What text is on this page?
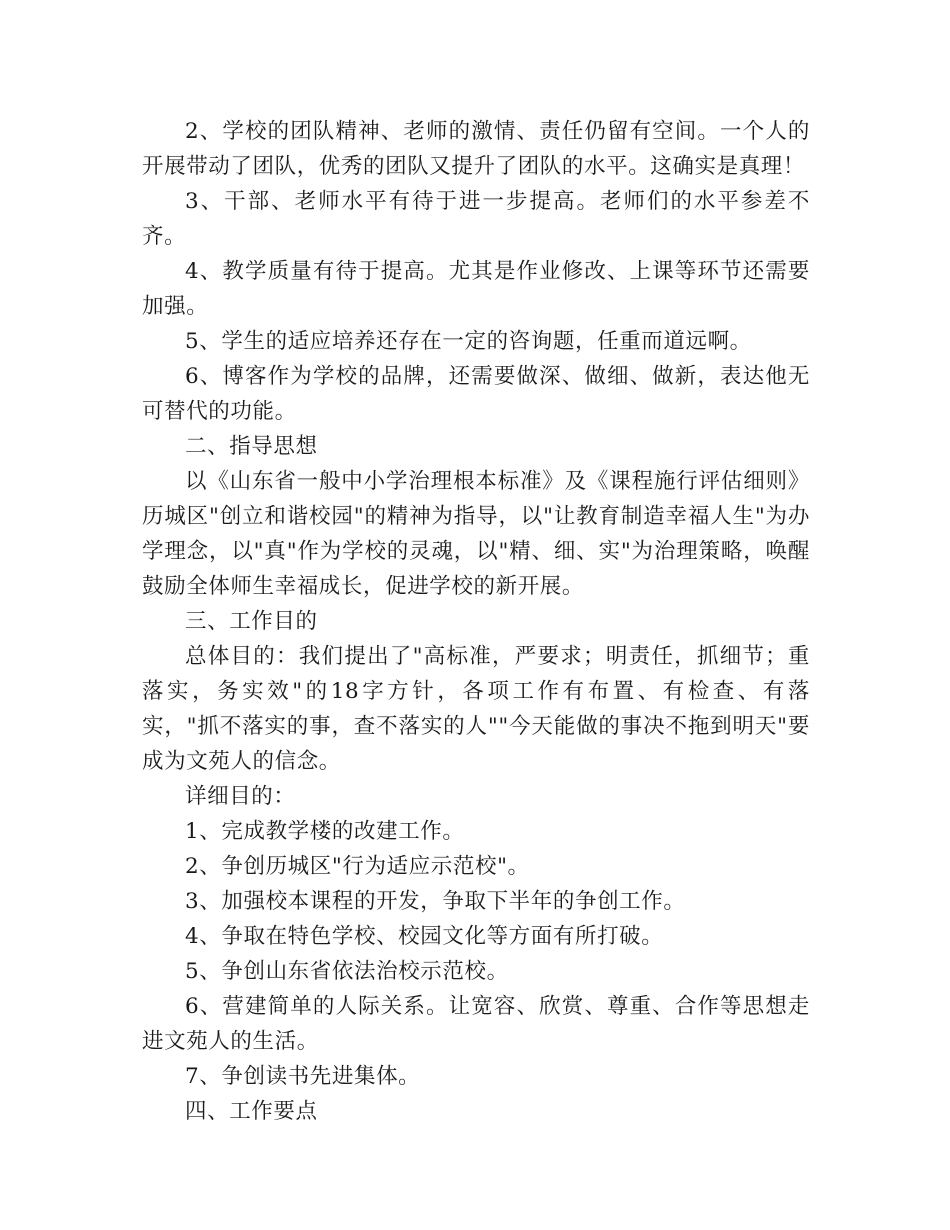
2、学校的团队精神、老师的激情、责任仍留有空间。一个人的开展带动了团队，优秀的团队又提升了团队的水平。这确实是真理！

3、干部、老师水平有待于进一步提高。老师们的水平参差不齐。

4、教学质量有待于提高。尤其是作业修改、上课等环节还需要加强。

5、学生的适应培养还存在一定的咨询题，任重而道远啊。

6、博客作为学校的品牌，还需要做深、做细、做新，表达他无可替代的功能。

二、指导思想

以《山东省一般中小学治理根本标准》及《课程施行评估细则》历城区"创立和谐校园"的精神为指导，以"让教育制造幸福人生"为办学理念，以"真"作为学校的灵魂，以"精、细、实"为治理策略，唤醒鼓励全体师生幸福成长，促进学校的新开展。

三、工作目的

总体目的：我们提出了"高标准，严要求；明责任，抓细节；重落实，务实效"的18字方针，各项工作有布置、有检查、有落实，"抓不落实的事，查不落实的人""今天能做的事决不拖到明天"要成为文苑人的信念。

详细目的：

1、完成教学楼的改建工作。

2、争创历城区"行为适应示范校"。

3、加强校本课程的开发，争取下半年的争创工作。

4、争取在特色学校、校园文化等方面有所打破。

5、争创山东省依法治校示范校。

6、营建简单的人际关系。让宽容、欣赏、尊重、合作等思想走进文苑人的生活。

7、争创读书先进集体。

四、工作要点
